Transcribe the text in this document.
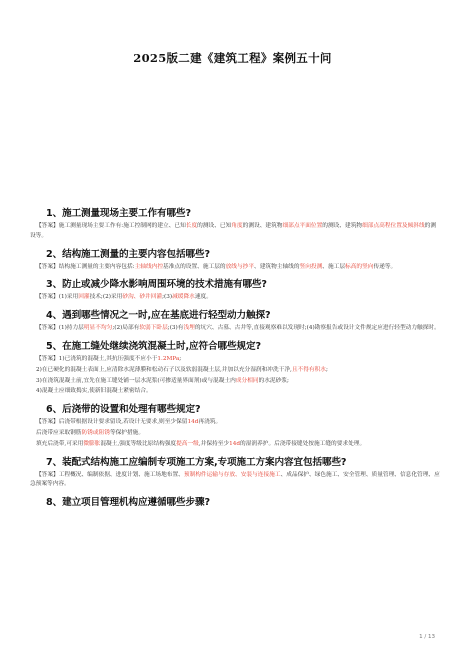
2025版二建《建筑工程》案例五十问
1、施工测量现场主要工作有哪些?
【答案】施工测量现场主要工作有:施工控制网的建立、已知长度的测设、已知角度的测设、建筑物细部点平面位置的测设、建筑物细部点高程位置及倾斜线的测设等。
2、结构施工测量的主要内容包括哪些?
【答案】结构施工测量的主要内容包括:主轴线内控基准点的设置、施工层的放线与抄平、建筑物主轴线的竖向投测、施工层标高的竖向传递等。
3、防止或减少降水影响周围环境的技术措施有哪些?
【答案】(1)采用回灌技术;(2)采用砂沟、砂井回灌;(3)减缓降水速度。
4、遇到哪些情况之一时,应在基底进行轻型动力触探?
【答案】(1)持力层明显不均匀;(2)局部有软弱下卧层;(3)有浅埋的坑穴、古墓、古井等,直接观察难以发现时;(4)勘察报告或设计文件规定应进行轻型动力触探时。
5、在施工缝处继续浇筑混凝土时,应符合哪些规定?
【答案】1)已浇筑的混凝土,其抗压强度不应小于1.2MPa;
2)在已硬化的混凝土表面上,应清除水泥薄膜和松动石子以及软弱混凝土层,并加以充分湿润和冲洗干净,且不得有积水;
3)在浇筑混凝土前,宜先在施工缝处铺一层水泥浆(可掺适量界面剂)或与混凝土内成分相同的水泥砂浆;
4)混凝土应细致捣实,使新旧混凝土紧密结合。
6、后浇带的设置和处理有哪些规定?
【答案】后浇带根据设计要求留设,若设计无要求,则至少保留14d再浇筑。
后浇带应采取钢筋防锈或阻锈等保护措施。
填充后浇带,可采用微膨胀混凝土,强度等级比原结构强度提高一级,并保持至少14d的湿润养护。后浇带接缝处按施工缝的要求处理。
7、装配式结构施工应编制专项施工方案,专项施工方案内容宜包括哪些?
【答案】工程概况、编制依据、进度计划、施工场地布置、预制构件运输与存放、安装与连接施工、成品保护、绿色施工、安全管理、质量管理、信息化管理、应急预案等内容。
8、建立项目管理机构应遵循哪些步骤?
1 / 13
